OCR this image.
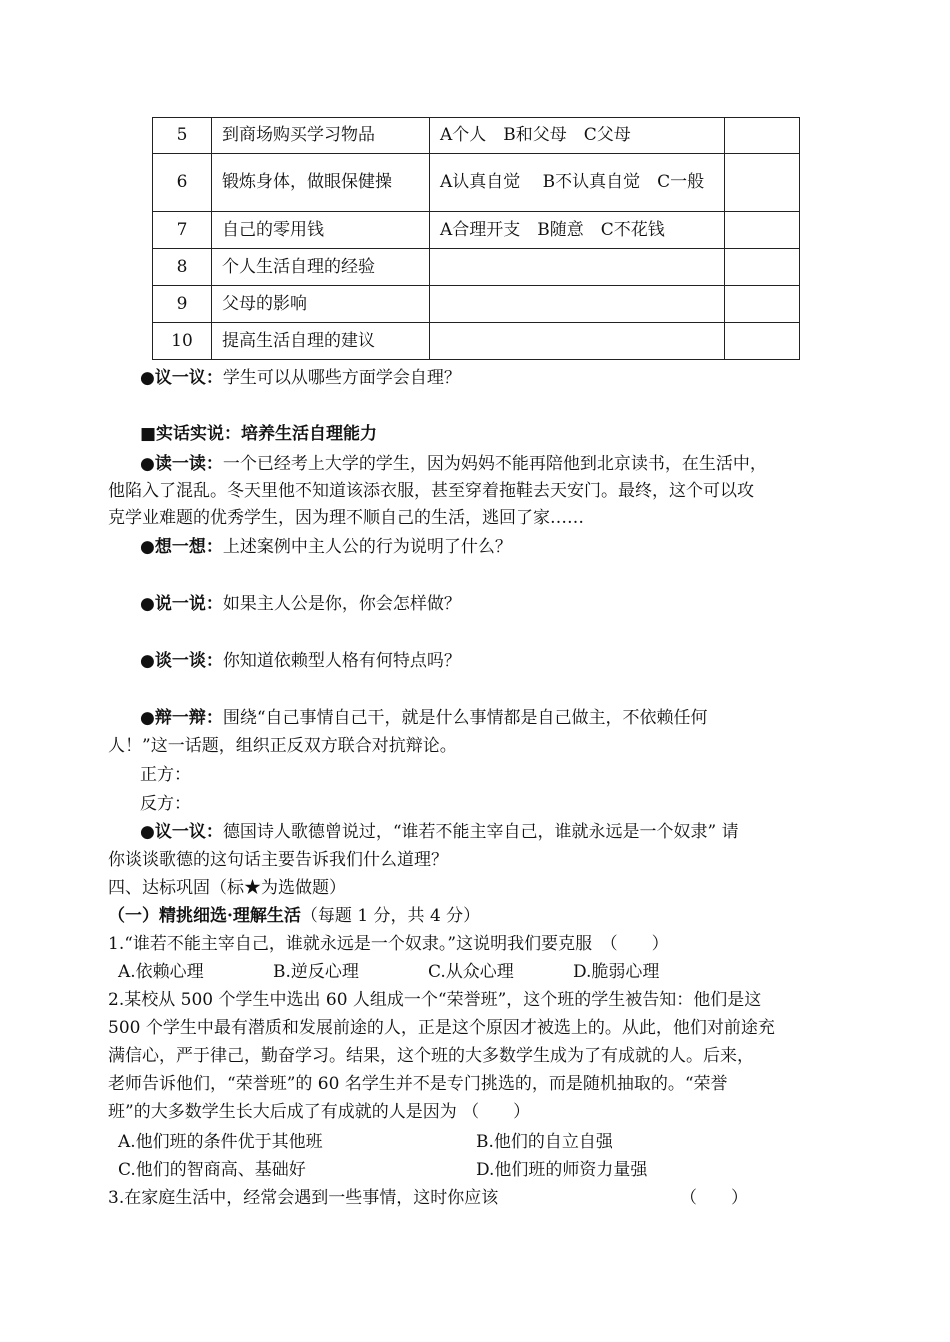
5	到商场购买学习物品	A个人　B和父母　C父母	
6	锻炼身体，做眼保健操	A认真自觉　 B不认真自觉　C一般	
7	自己的零用钱	A合理开支　B随意　C不花钱	
8	个人生活自理的经验		
9	父母的影响		
10	提高生活自理的建议		
●议一议：学生可以从哪些方面学会自理？
■实话实说：培养生活自理能力
●读一读：一个已经考上大学的学生，因为妈妈不能再陪他到北京读书，在生活中，
他陷入了混乱。冬天里他不知道该添衣服，甚至穿着拖鞋去天安门。最终，这个可以攻
克学业难题的优秀学生，因为理不顺自己的生活，逃回了家……
●想一想：上述案例中主人公的行为说明了什么？
●说一说：如果主人公是你，你会怎样做？
●谈一谈：你知道依赖型人格有何特点吗？
●辩一辩：围绕“自己事情自己干，就是什么事情都是自己做主，不依赖任何
人！”这一话题，组织正反双方联合对抗辩论。
正方：
反方：
●议一议：德国诗人歌德曾说过，“谁若不能主宰自己，谁就永远是一个奴隶” 请
你谈谈歌德的这句话主要告诉我们什么道理？
四、达标巩固（标★为选做题）
（一）精挑细选·理解生活（每题 1 分，共 4 分）
1.“谁若不能主宰自己，谁就永远是一个奴隶。”这说明我们要克服　（　　）
A.依赖心理	B.逆反心理	C.从众心理	D.脆弱心理
2.某校从 500 个学生中选出 60 人组成一个“荣誉班”，这个班的学生被告知：他们是这
500 个学生中最有潜质和发展前途的人，正是这个原因才被选上的。从此，他们对前途充
满信心，严于律己，勤奋学习。结果，这个班的大多数学生成为了有成就的人。后来，
老师告诉他们，“荣誉班”的 60 名学生并不是专门挑选的，而是随机抽取的。“荣誉
班”的大多数学生长大后成了有成就的人是因为 （　　）
A.他们班的条件优于其他班	B.他们的自立自强
C.他们的智商高、基础好	D.他们班的师资力量强
3.在家庭生活中，经常会遇到一些事情，这时你应该	（　　）
